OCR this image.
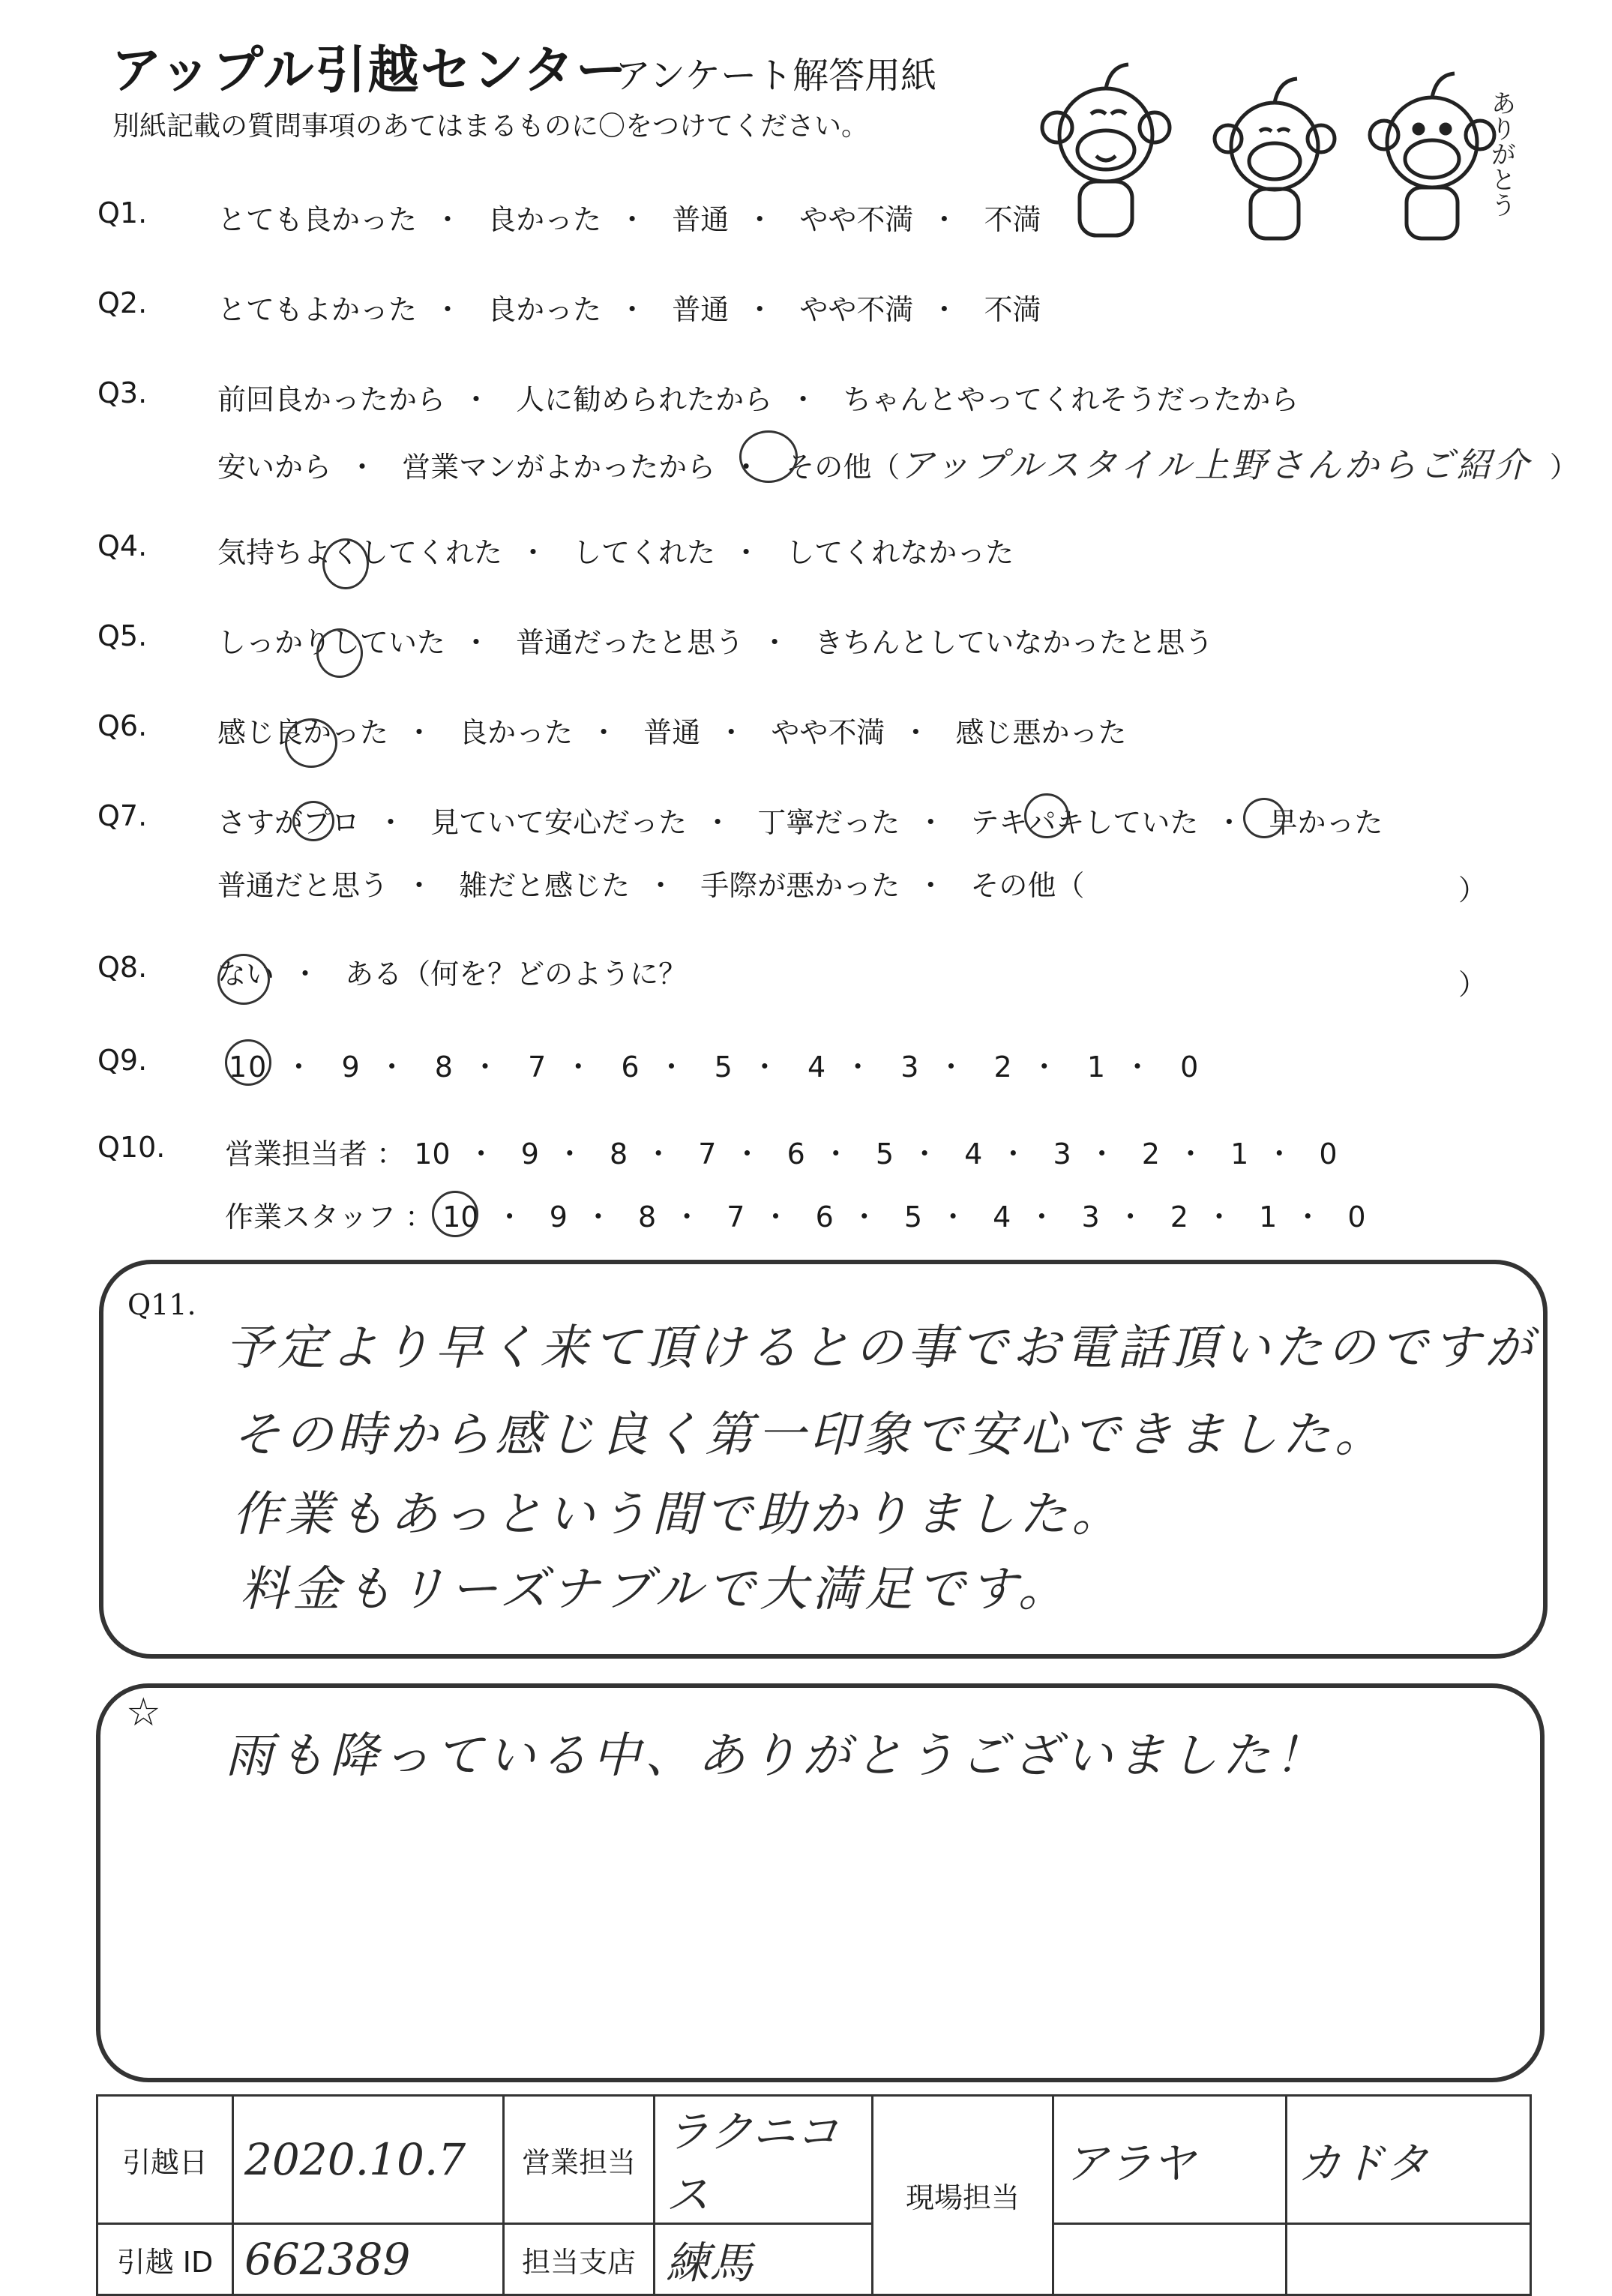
アップル引越センター
アンケート解答用紙
別紙記載の質問事項のあてはまるものに〇をつけてください。	ありがとう
Q1. とても良かった ・ 良かった ・ 普通 ・ やや不満 ・ 不満
Q2. とてもよかった ・ 良かった ・ 普通 ・ やや不満 ・ 不満
Q3. 前回良かったから ・ 人に勧められたから ・ ちゃんとやってくれそうだったから
安いから ・ 営業マンがよかったから ・ その他（アップルスタイル上野さんからご紹介 ）
Q4. 気持ちよくしてくれた ・ してくれた ・ してくれなかった
Q5. しっかりしていた ・ 普通だったと思う ・ きちんとしていなかったと思う
Q6. 感じ良かった ・ 良かった ・ 普通 ・ やや不満 ・ 感じ悪かった
Q7. さすがプロ ・ 見ていて安心だった ・ 丁寧だった ・ テキパキしていた ・ 早かった
普通だと思う ・ 雑だと感じた ・ 手際が悪かった ・ その他（	）
Q8. ない ・ ある（何を？どのように？	）
Q9.	10 ・ 9 ・ 8 ・ 7 ・ 6 ・ 5 ・ 4 ・ 3 ・ 2 ・ 1 ・ 0
Q10. 営業担当者 ： 10 ・ 9 ・ 8 ・ 7 ・ 6 ・ 5 ・ 4 ・ 3 ・ 2 ・ 1 ・ 0
作業スタッフ ： 10 ・ 9 ・ 8 ・ 7 ・ 6 ・ 5 ・ 4 ・ 3 ・ 2 ・ 1 ・ 0
Q11.
予定より早く来て頂けるとの事でお電話頂いたのですが
その時から感じ良く第一印象で安心できました。
作業もあっという間で助かりました。
料金もリーズナブルで大満足です。
☆
雨も降っている中、ありがとうございました！
引越日	2020.10.7	営業担当	ラクニコス	現場担当	アラヤ	カドタ
引越 ID	662389	担当支店	練馬			
